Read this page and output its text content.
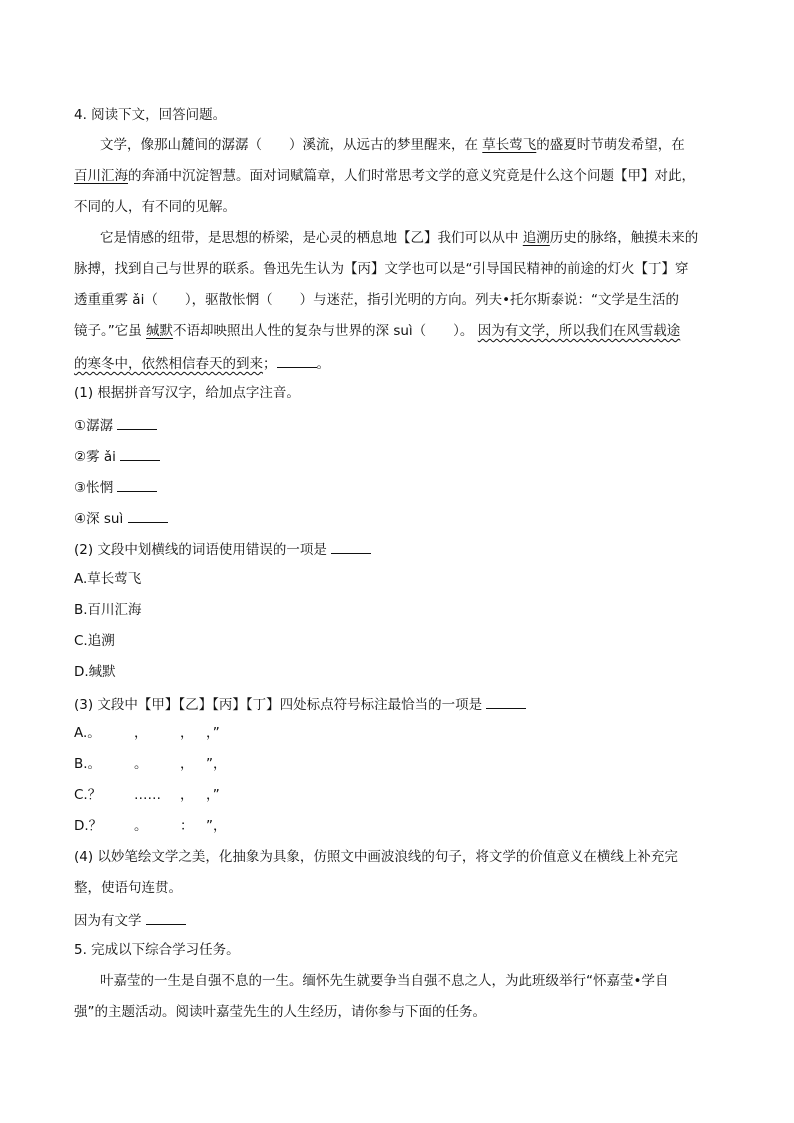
4. 阅读下文，回答问题。
文学，像那山麓间的潺潺（　　）溪流，从远古的梦里醒来，在 草长莺飞的盛夏时节萌发希望，在
百川汇海的奔涌中沉淀智慧。面对词赋篇章，人们时常思考文学的意义究竟是什么这个问题【甲】对此，
不同的人，有不同的见解。
它是情感的纽带，是思想的桥梁，是心灵的栖息地【乙】我们可以从中 追溯历史的脉络，触摸未来的
脉搏，找到自己与世界的联系。鲁迅先生认为【丙】文学也可以是“引导国民精神的前途的灯火【丁】穿
透重重雾 ǎi（　　），驱散怅惘（　　）与迷茫，指引光明的方向。列夫•托尔斯泰说：“文学是生活的
镜子。”它虽 缄默不语却映照出人性的复杂与世界的深 suì（　　）。 因为有文学，所以我们在风雪载途
的寒冬中，依然相信春天的到来；	。
(1) 根据拼音写汉字，给加点字注音。
①潺潺
②雾 ǎi
③怅惘
④深 suì
(2) 文段中划横线的词语使用错误的一项是
A.草长莺飞
B.百川汇海
C.追溯
D.缄默
(3) 文段中【甲】【乙】【丙】【丁】四处标点符号标注最恰当的一项是
A.。 ， ， ，”
B.。 。 ， ”，
C.？ …… ， ，”
D.？ 。 ： ”，
(4) 以妙笔绘文学之美，化抽象为具象，仿照文中画波浪线的句子，将文学的价值意义在横线上补充完
整，使语句连贯。
因为有文学
5. 完成以下综合学习任务。
叶嘉莹的一生是自强不息的一生。缅怀先生就要争当自强不息之人，为此班级举行“怀嘉莹•学自
强”的主题活动。阅读叶嘉莹先生的人生经历，请你参与下面的任务。
